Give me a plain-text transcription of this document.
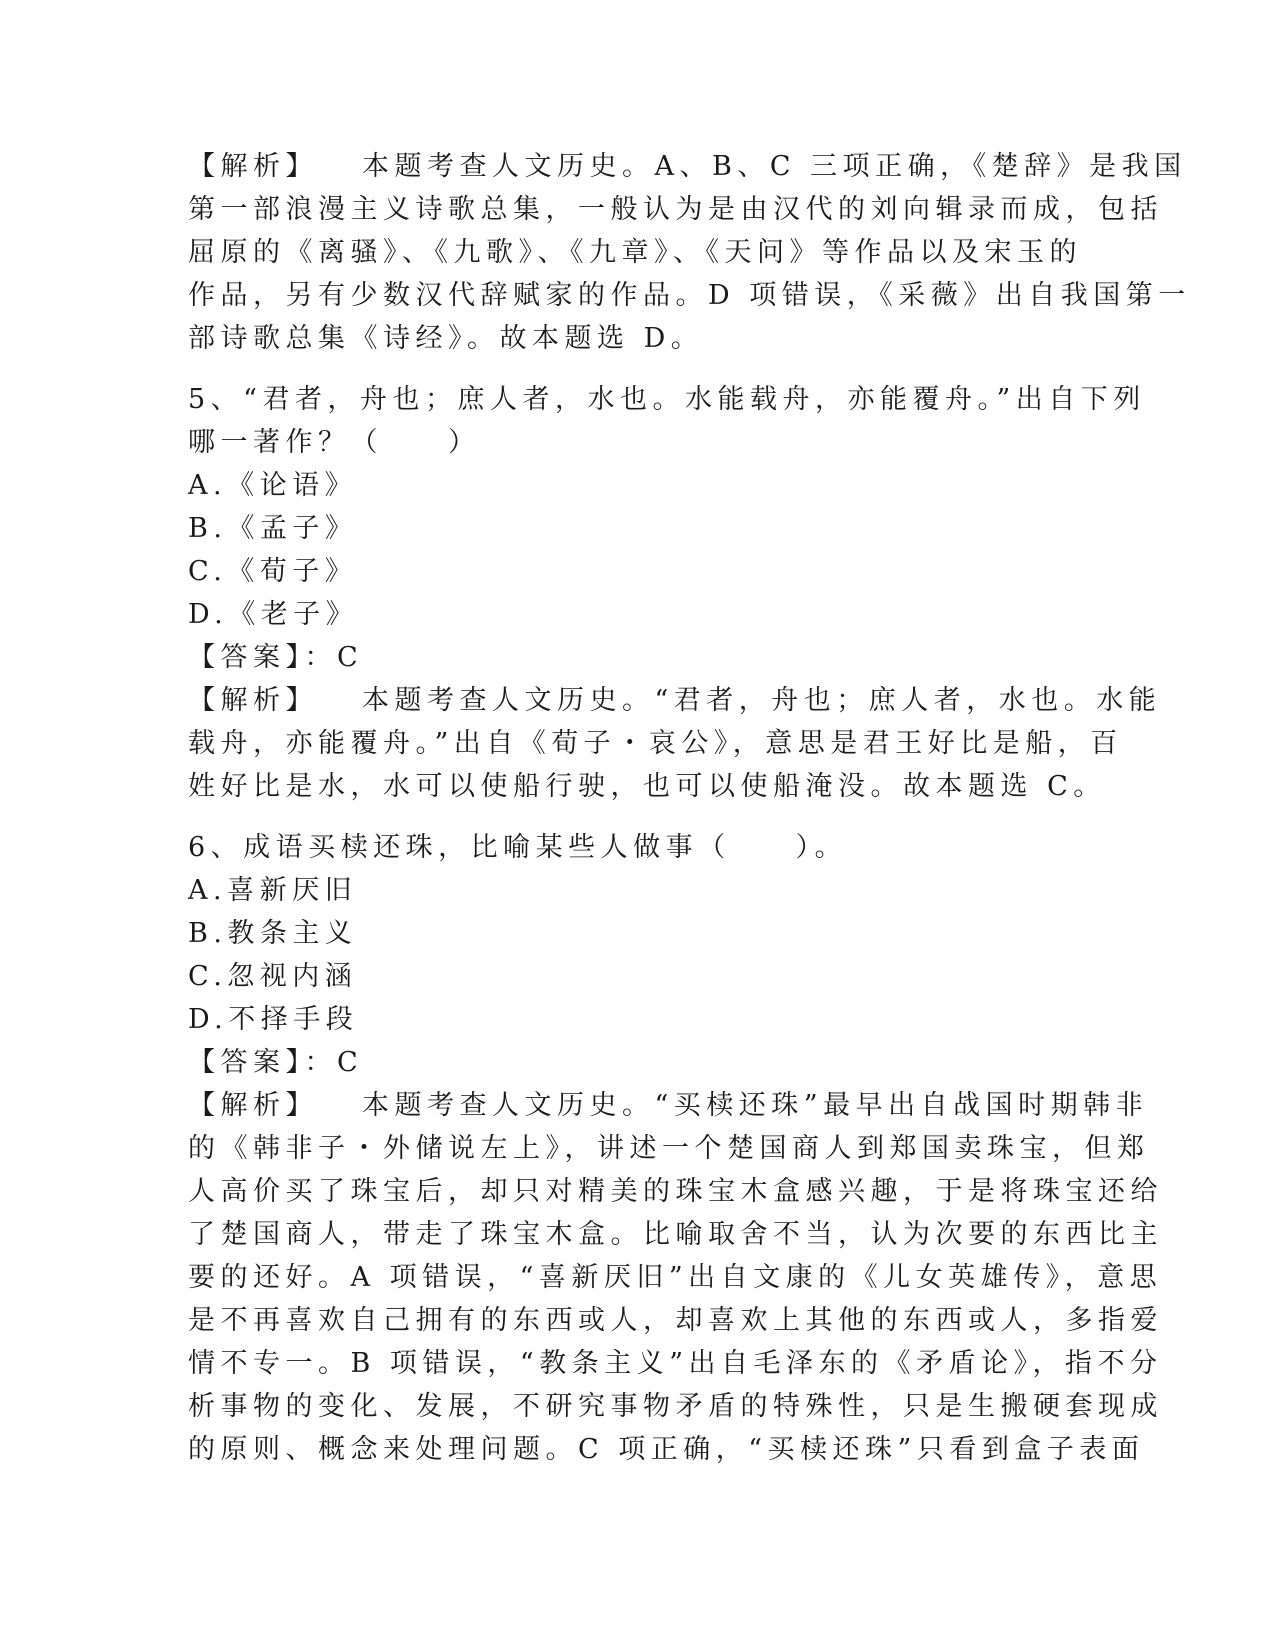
【解析】 本题考查人文历史。A、B、C 三项正确，《楚辞》是我国
第一部浪漫主义诗歌总集，一般认为是由汉代的刘向辑录而成，包括
屈原的《离骚》、《九歌》、《九章》、《天问》等作品以及宋玉的
作品，另有少数汉代辞赋家的作品。D 项错误，《采薇》出自我国第一
部诗歌总集《诗经》。故本题选 D。
5、“君者，舟也；庶人者，水也。水能载舟，亦能覆舟。”出自下列
哪一著作？（　　）
A.《论语》
B.《孟子》
C.《荀子》
D.《老子》
【答案】：C
【解析】 本题考查人文历史。“君者，舟也；庶人者，水也。水能
载舟，亦能覆舟。”出自《荀子・哀公》，意思是君王好比是船，百
姓好比是水，水可以使船行驶，也可以使船淹没。故本题选 C。
6、成语买椟还珠，比喻某些人做事（　　）。
A.喜新厌旧
B.教条主义
C.忽视内涵
D.不择手段
【答案】：C
【解析】 本题考查人文历史。“买椟还珠”最早出自战国时期韩非
的《韩非子・外储说左上》，讲述一个楚国商人到郑国卖珠宝，但郑
人高价买了珠宝后，却只对精美的珠宝木盒感兴趣，于是将珠宝还给
了楚国商人，带走了珠宝木盒。比喻取舍不当，认为次要的东西比主
要的还好。A 项错误，“喜新厌旧”出自文康的《儿女英雄传》，意思
是不再喜欢自己拥有的东西或人，却喜欢上其他的东西或人，多指爱
情不专一。B 项错误，“教条主义”出自毛泽东的《矛盾论》，指不分
析事物的变化、发展，不研究事物矛盾的特殊性，只是生搬硬套现成
的原则、概念来处理问题。C 项正确，“买椟还珠”只看到盒子表面
